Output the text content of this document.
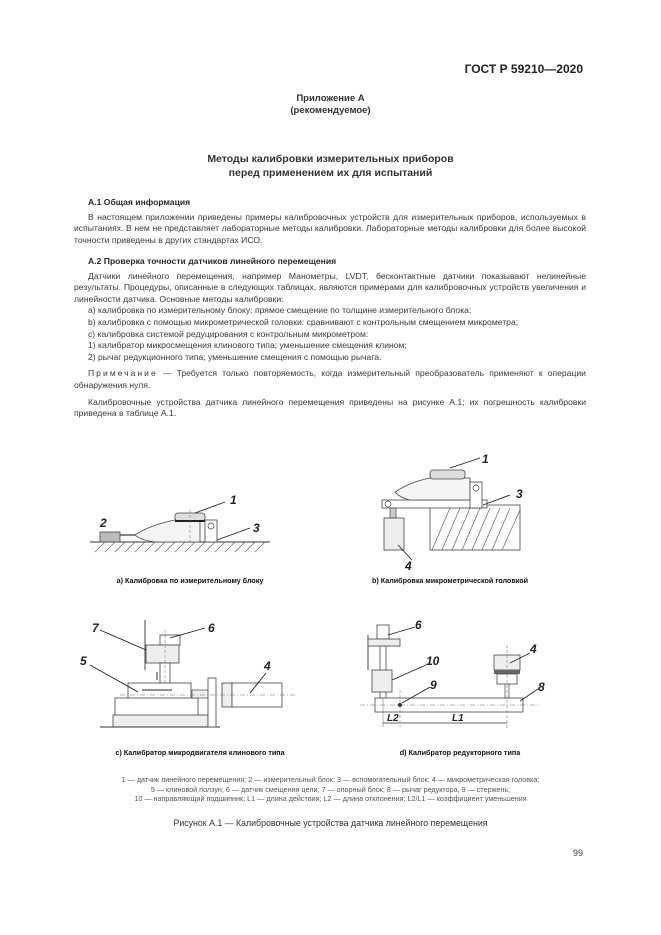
ГОСТ Р 59210—2020
Приложение А
(рекомендуемое)
Методы калибровки измерительных приборов
перед применением их для испытаний
А.1 Общая информация

В настоящем приложении приведены примеры калибровочных устройств для измерительных приборов, используемых в испытаниях. В нем не представляет лабораторные методы калибровки. Лабораторные методы калибровки для более высокой точности приведены в других стандартах ИСО.

А.2 Проверка точности датчиков линейного перемещения

Датчики линейного перемещения, например Манометры, LVDT, бесконтактные датчики показывают нелинейные результаты. Процедуры, описанные в следующих таблицах, являются примерами для калибровочных устройств увеличения и линейности датчика. Основные методы калибровки:

a) калибровка по измерительному блоку: прямое смещение по толщине измерительного блока;

b) калибровка с помощью микрометрической головки: сравнивают с контрольным смещением микрометра;

c) калибровка системой редуцирования с контрольным микрометром:

1) калибратор микросмещения клинового типа; уменьшение смещения клином;

2) рычаг редукционного типа; уменьшение смещения с помощью рычага.

Примечание — Требуется только повторяемость, когда измерительный преобразователь применяют к операции обнаружения нуля.

Калибровочные устройства датчика линейного перемещения приведены на рисунке А.1; их погрешность калибровки приведена в таблице А.1.

1
2	3
a) Калибровка по измерительному блоку
1
3
4
b) Калибровка микрометрической головкой
7	6
5	4
c) Калибратор микродвигателя клинового типа
6
10
9
4
8
L2	L1
d) Калибратор редукторного типа
1 — датчик линейного перемещения; 2 — измерительный блок; 3 — вспомогательный блок; 4 — микрометрическая головка;
5 — клиновой ползун; 6 — датчик смещения цепи; 7 — опорный блок; 8 — рычаг редуктора, 9 — стержень;
10 — направляющий подшипник; L1 — длина действия; L2 — длина отклонения; L2/L1 — коэффициент уменьшения
Рисунок А.1 — Калибровочные устройства датчика линейного перемещения
99
